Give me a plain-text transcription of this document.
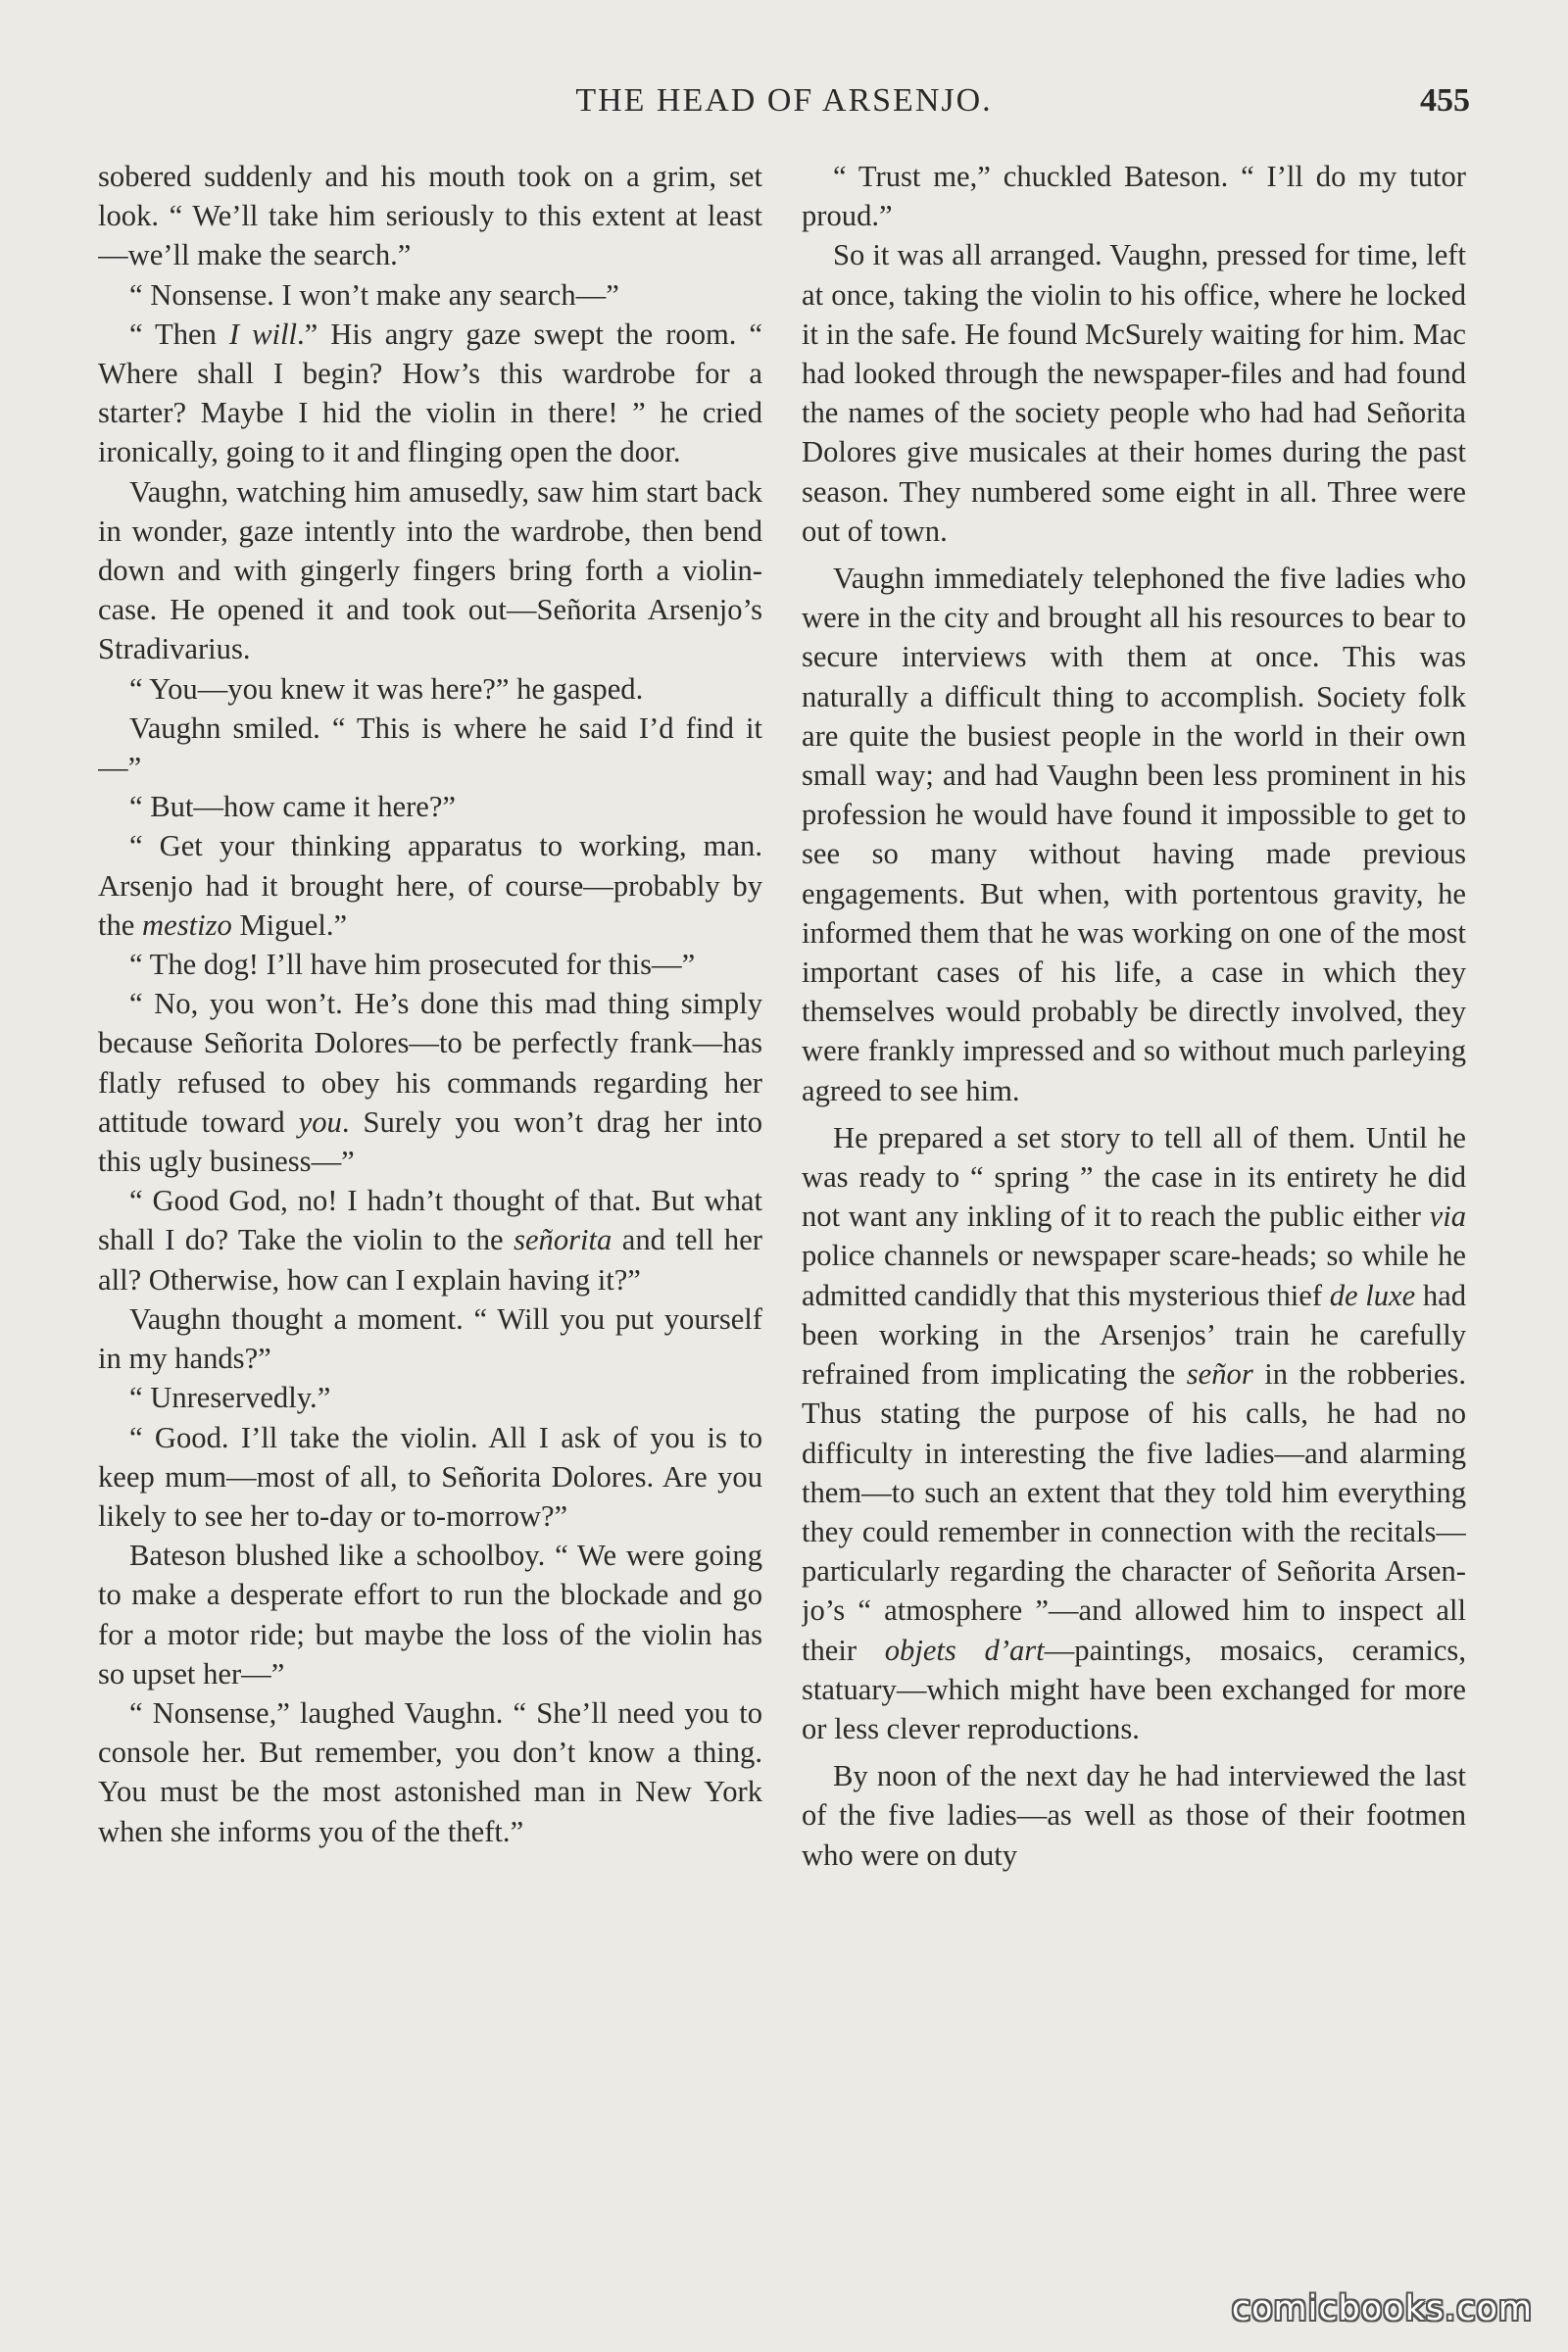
THE HEAD OF ARSENJO.	455

sobered suddenly and his mouth took on a grim, set look. “ We’ll take him seriously to this extent at least—we’ll make the search.”

“ Nonsense. I won’t make any search—”

“ Then I will.” His angry gaze swept the room. “ Where shall I begin? How’s this wardrobe for a starter? Maybe I hid the violin in there! ” he cried ironically, going to it and flinging open the door.

Vaughn, watching him amusedly, saw him start back in wonder, gaze intently into the wardrobe, then bend down and with gingerly fingers bring forth a violin-case. He opened it and took out—Señorita Arsenjo’s Stradivarius.

“ You—you knew it was here?” he gasped.

Vaughn smiled. “ This is where he said I’d find it—”

“ But—how came it here?”

“ Get your thinking apparatus to working, man. Arsenjo had it brought here, of course—probably by the mestizo Miguel.”

“ The dog! I’ll have him prosecuted for this—”

“ No, you won’t. He’s done this mad thing simply because Señorita Dolores—to be perfectly frank—has flatly refused to obey his commands regarding her attitude toward you. Surely you won’t drag her into this ugly business—”

“ Good God, no! I hadn’t thought of that. But what shall I do? Take the violin to the señorita and tell her all? Otherwise, how can I explain having it?”

Vaughn thought a moment. “ Will you put yourself in my hands?”

“ Unreservedly.”

“ Good. I’ll take the violin. All I ask of you is to keep mum—most of all, to Señorita Dolores. Are you likely to see her to-day or to-morrow?”

Bateson blushed like a schoolboy. “ We were going to make a desperate effort to run the blockade and go for a motor ride; but maybe the loss of the violin has so upset her—”

“ Nonsense,” laughed Vaughn. “ She’ll need you to console her. But remember, you don’t know a thing. You must be the most astonished man in New York when she informs you of the theft.”

“ Trust me,” chuckled Bateson. “ I’ll do my tutor proud.”

So it was all arranged. Vaughn, pressed for time, left at once, taking the violin to his office, where he locked it in the safe. He found McSurely waiting for him. Mac had looked through the newspaper-files and had found the names of the society people who had had Señorita Dolores give musicales at their homes during the past season. They numbered some eight in all. Three were out of town.

Vaughn immediately telephoned the five ladies who were in the city and brought all his resources to bear to secure interviews with them at once. This was naturally a difficult thing to accomplish. Society folk are quite the busiest people in the world in their own small way; and had Vaughn been less prominent in his profession he would have found it impossible to get to see so many without having made previous engagements. But when, with portentous gravity, he informed them that he was working on one of the most important cases of his life, a case in which they themselves would probably be directly involved, they were frankly impressed and so without much parleying agreed to see him.

He prepared a set story to tell all of them. Until he was ready to “ spring ” the case in its entirety he did not want any inkling of it to reach the public either via police channels or newspaper scare-heads; so while he admitted candidly that this mysterious thief de luxe had been working in the Arsenjos’ train he carefully refrained from implicating the señor in the robberies. Thus stating the purpose of his calls, he had no difficulty in interesting the five ladies—and alarming them—to such an extent that they told him everything they could remember in connection with the recitals—particularly regarding the character of Señorita Arsenjo’s “ atmosphere ”—and allowed him to inspect all their objets d’art—paintings, mosaics, ceramics, statuary—which might have been exchanged for more or less clever reproductions.

By noon of the next day he had interviewed the last of the five ladies—as well as those of their footmen who were on duty

comicbooks.com
